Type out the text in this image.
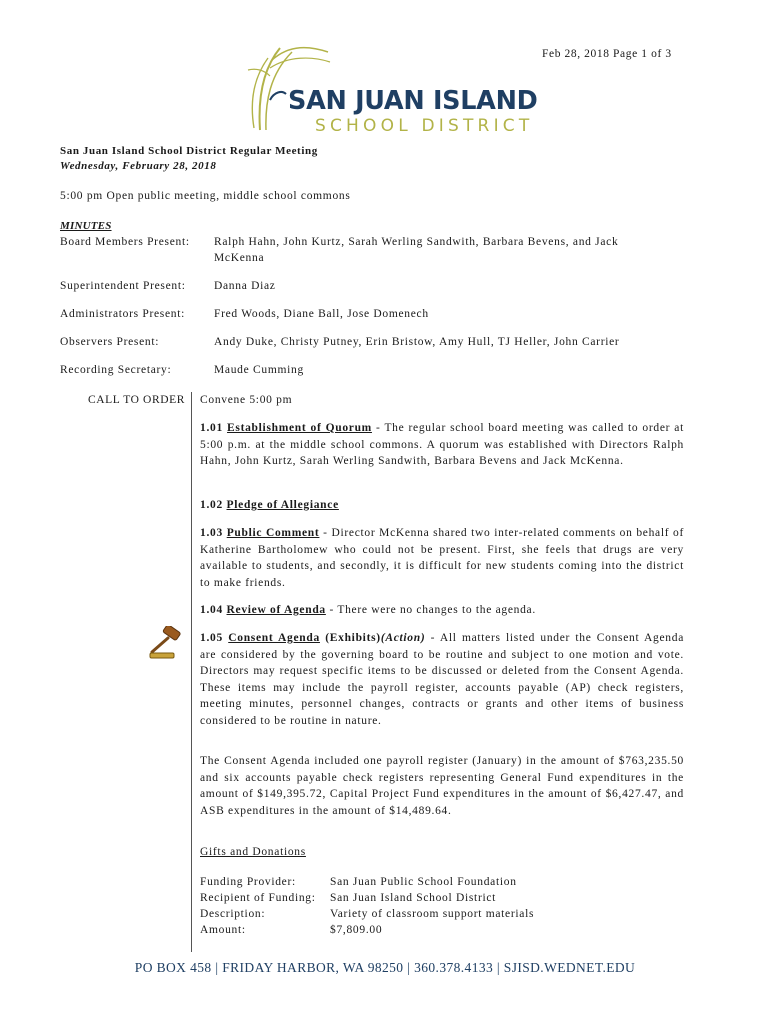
Feb 28, 2018 Page 1 of 3
SAN JUAN ISLAND
SCHOOL DISTRICT
San Juan Island School District Regular Meeting
Wednesday, February 28, 2018
5:00 pm Open public meeting, middle school commons
MINUTES
Board Members Present: Ralph Hahn, John Kurtz, Sarah Werling Sandwith, Barbara Bevens, and Jack
McKenna
Superintendent Present: Danna Diaz
Administrators Present:	Fred Woods, Diane Ball, Jose Domenech
Observers Present:	Andy Duke, Christy Putney, Erin Bristow, Amy Hull, TJ Heller, John Carrier
Recording Secretary:	Maude Cumming
CALL TO ORDER Convene 5:00 pm
1.01 Establishment of Quorum - The regular school board meeting was called to order at 5:00 p.m. at the middle school commons. A quorum was established with Directors Ralph Hahn, John Kurtz, Sarah Werling Sandwith, Barbara Bevens and Jack McKenna.
1.02 Pledge of Allegiance
1.03 Public Comment - Director McKenna shared two inter-related comments on behalf of Katherine Bartholomew who could not be present. First, she feels that drugs are very available to students, and secondly, it is difficult for new students coming into the district to make friends.
1.04 Review of Agenda - There were no changes to the agenda.
1.05 Consent Agenda (Exhibits)(Action) - All matters listed under the Consent Agenda are considered by the governing board to be routine and subject to one motion and vote. Directors may request specific items to be discussed or deleted from the Consent Agenda. These items may include the payroll register, accounts payable (AP) check registers, meeting minutes, personnel changes, contracts or grants and other items of business considered to be routine in nature.
The Consent Agenda included one payroll register (January) in the amount of $763,235.50 and six accounts payable check registers representing General Fund expenditures in the amount of $149,395.72, Capital Project Fund expenditures in the amount of $6,427.47, and ASB expenditures in the amount of $14,489.64.
Gifts and Donations
Funding Provider:	San Juan Public School Foundation
Recipient of Funding: San Juan Island School District
Description:	Variety of classroom support materials
Amount:	$7,809.00
PO BOX 458 | FRIDAY HARBOR, WA 98250 | 360.378.4133 | SJISD.WEDNET.EDU
